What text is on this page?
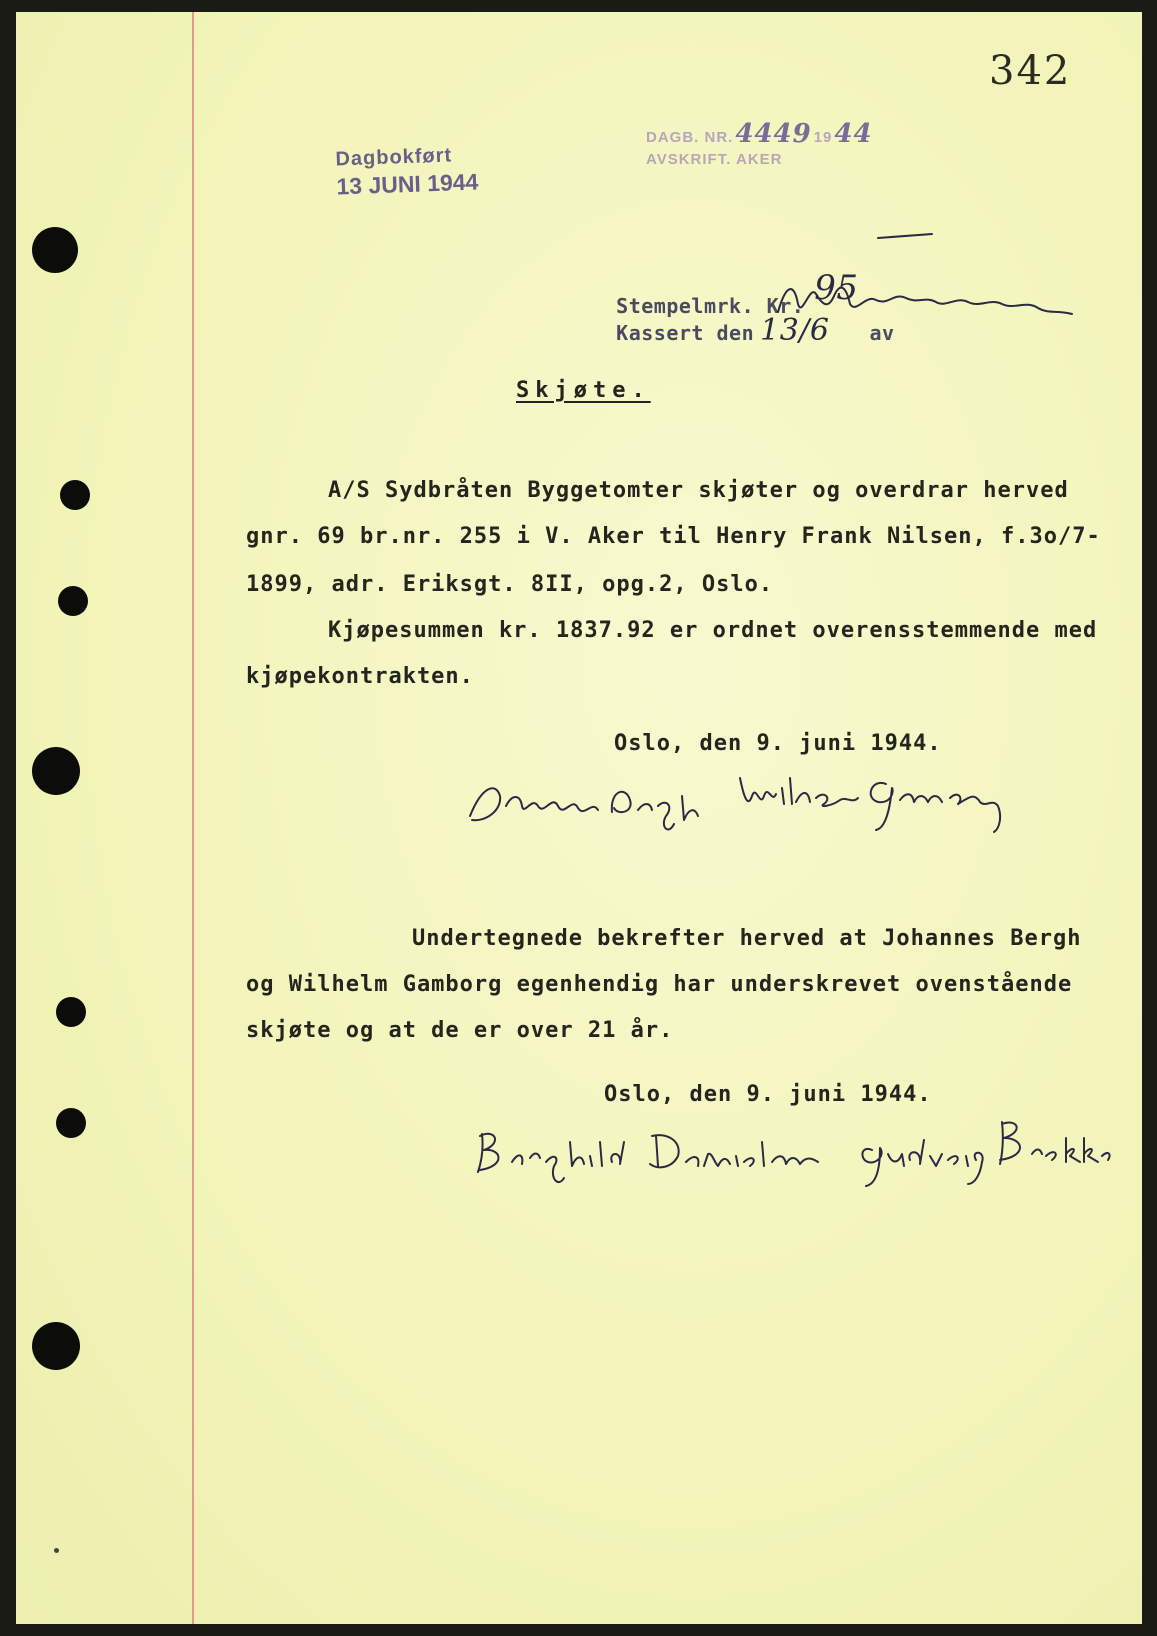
342
Dagbokført
13 JUNI 1944
DAGB. NR.4449 1944
AVSKRIFT. AKER

Stempelmrk. Kr. 95

Kassert den 13/6 av

Skjøte.
A/S Sydbråten Byggetomter skjøter og overdrar herved
gnr. 69 br.nr. 255 i V. Aker til Henry Frank Nilsen, f.3o/7-
1899, adr. Eriksgt. 8II, opg.2, Oslo.
Kjøpesummen kr. 1837.92 er ordnet overensstemmende med
kjøpekontrakten.
Oslo, den 9. juni 1944.
Undertegnede bekrefter herved at Johannes Bergh
og Wilhelm Gamborg egenhendig har underskrevet ovenstående
skjøte og at de er over 21 år.
Oslo, den 9. juni 1944.
